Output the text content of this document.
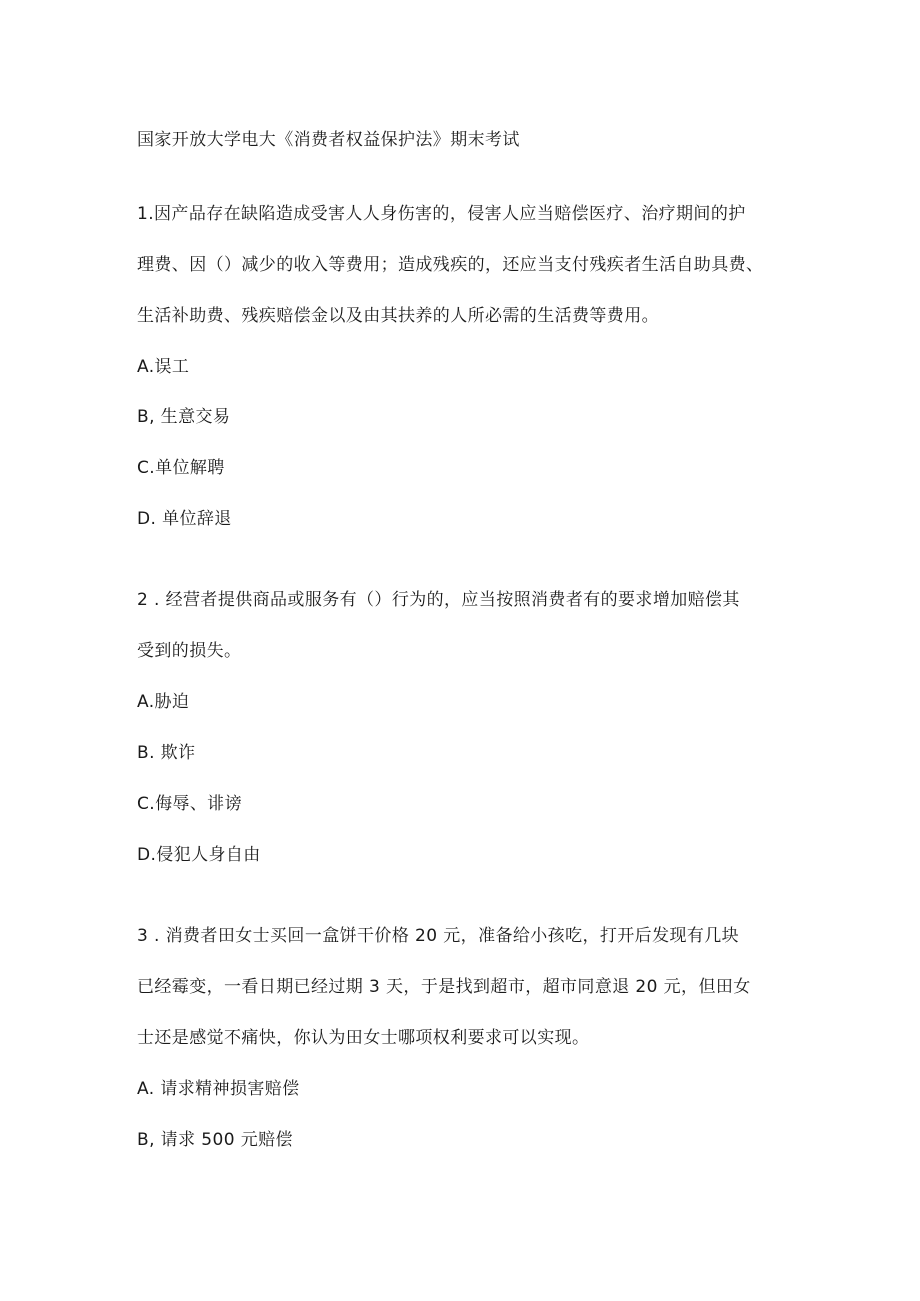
国家开放大学电大《消费者权益保护法》期末考试
1.因产品存在缺陷造成受害人人身伤害的，侵害人应当赔偿医疗、治疗期间的护
理费、因（）减少的收入等费用；造成残疾的，还应当支付残疾者生活自助具费、
生活补助费、残疾赔偿金以及由其扶养的人所必需的生活费等费用。
A.误工
B, 生意交易
C.单位解聘
D. 单位辞退
2 . 经营者提供商品或服务有（）行为的，应当按照消费者有的要求增加赔偿其
受到的损失。
A.胁迫
B. 欺诈
C.侮辱、诽谤
D.侵犯人身自由
3 . 消费者田女士买回一盒饼干价格 20 元，准备给小孩吃，打开后发现有几块
已经霉变，一看日期已经过期 3 天，于是找到超市，超市同意退 20 元，但田女
士还是感觉不痛快，你认为田女士哪项权利要求可以实现。
A. 请求精神损害赔偿
B, 请求 500 元赔偿
